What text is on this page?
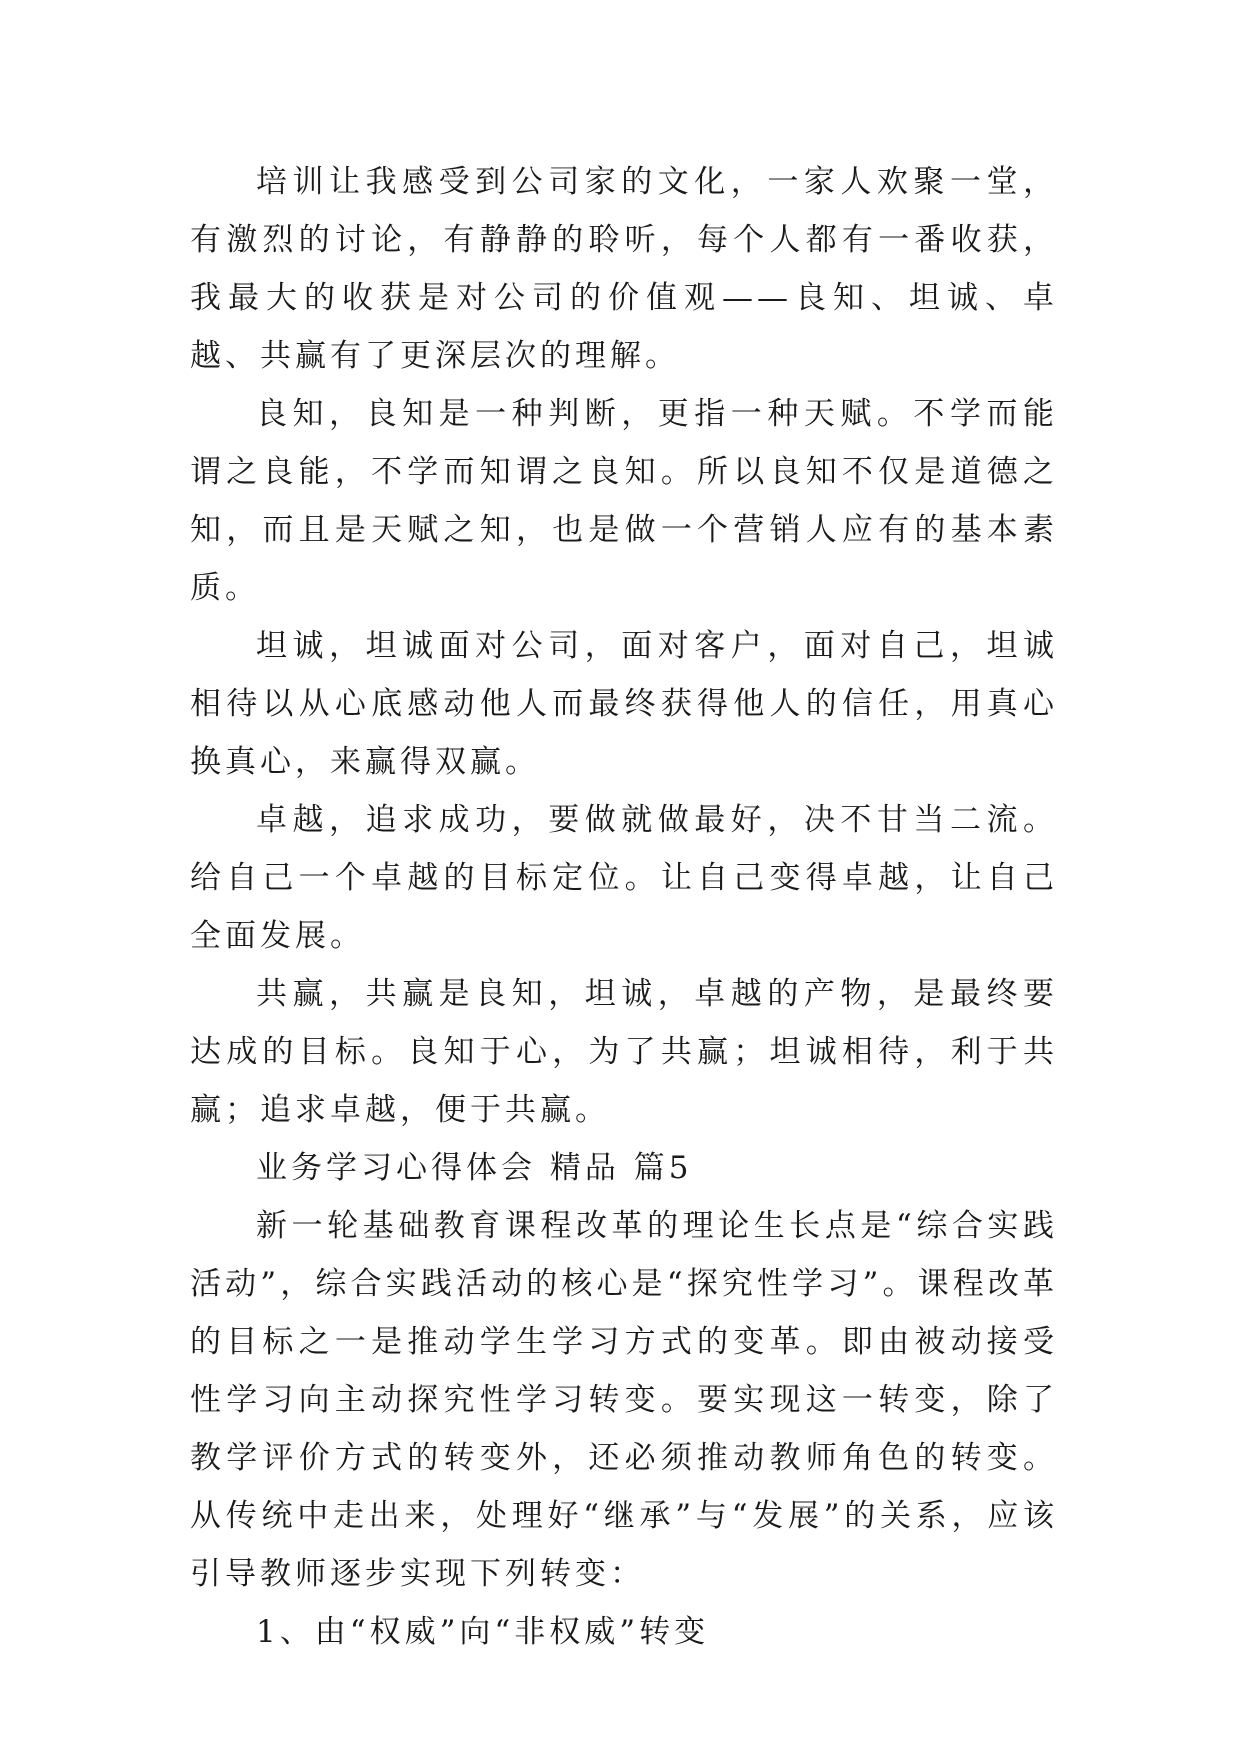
培训让我感受到公司家的文化，一家人欢聚一堂，有激烈的讨论，有静静的聆听，每个人都有一番收获，我最大的收获是对公司的价值观——良知、坦诚、卓越、共赢有了更深层次的理解。

良知，良知是一种判断，更指一种天赋。不学而能谓之良能，不学而知谓之良知。所以良知不仅是道德之知，而且是天赋之知，也是做一个营销人应有的基本素质。

坦诚，坦诚面对公司，面对客户，面对自己，坦诚相待以从心底感动他人而最终获得他人的信任，用真心换真心，来赢得双赢。

卓越，追求成功，要做就做最好，决不甘当二流。给自己一个卓越的目标定位。让自己变得卓越，让自己全面发展。

共赢，共赢是良知，坦诚，卓越的产物，是最终要达成的目标。良知于心，为了共赢；坦诚相待，利于共赢；追求卓越，便于共赢。

业务学习心得体会 精品 篇5

新一轮基础教育课程改革的理论生长点是“综合实践活动”，综合实践活动的核心是“探究性学习”。课程改革的目标之一是推动学生学习方式的变革。即由被动接受性学习向主动探究性学习转变。要实现这一转变，除了教学评价方式的转变外，还必须推动教师角色的转变。从传统中走出来，处理好“继承”与“发展”的关系，应该引导教师逐步实现下列转变：

1、由“权威”向“非权威”转变
